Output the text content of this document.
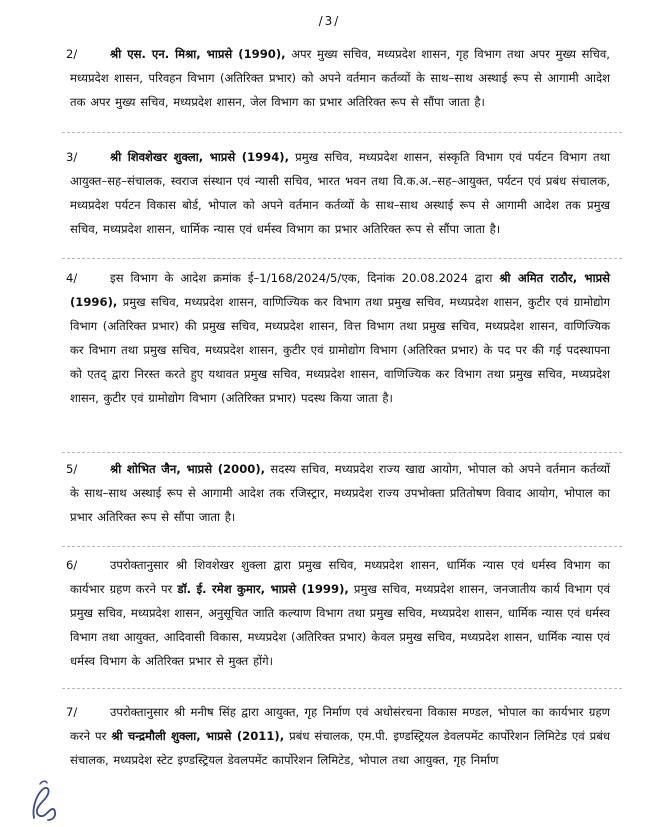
/3/
2/	श्री एस. एन. मिश्रा, भाप्रसे (1990), अपर मुख्य सचिव, मध्यप्रदेश शासन, गृह विभाग तथा अपर मुख्य सचिव, मध्यप्रदेश शासन, परिवहन विभाग (अतिरिक्त प्रभार) को अपने वर्तमान कर्तव्यों के साथ–साथ अस्थाई रूप से आगामी आदेश तक अपर मुख्य सचिव, मध्यप्रदेश शासन, जेल विभाग का प्रभार अतिरिक्त रूप से सौंपा जाता है।
3/	श्री शिवशेखर शुक्ला, भाप्रसे (1994), प्रमुख सचिव, मध्यप्रदेश शासन, संस्कृति विभाग एवं पर्यटन विभाग तथा आयुक्त–सह–संचालक, स्वराज संस्थान एवं न्यासी सचिव, भारत भवन तथा वि.क.अ.–सह–आयुक्त, पर्यटन एवं प्रबंध संचालक, मध्यप्रदेश पर्यटन विकास बोर्ड, भोपाल को अपने वर्तमान कर्तव्यों के साथ–साथ अस्थाई रूप से आगामी आदेश तक प्रमुख सचिव, मध्यप्रदेश शासन, धार्मिक न्यास एवं धर्मस्व विभाग का प्रभार अतिरिक्त रूप से सौंपा जाता है।
4/	इस विभाग के आदेश क्रमांक ई–1/168/2024/5/एक, दिनांक 20.08.2024 द्वारा श्री अमित राठौर, भाप्रसे (1996), प्रमुख सचिव, मध्यप्रदेश शासन, वाणिज्यिक कर विभाग तथा प्रमुख सचिव, मध्यप्रदेश शासन, कुटीर एवं ग्रामोद्योग विभाग (अतिरिक्त प्रभार) की प्रमुख सचिव, मध्यप्रदेश शासन, वित्त विभाग तथा प्रमुख सचिव, मध्यप्रदेश शासन, वाणिज्यिक कर विभाग तथा प्रमुख सचिव, मध्यप्रदेश शासन, कुटीर एवं ग्रामोद्योग विभाग (अतिरिक्त प्रभार) के पद पर की गई पदस्थापना को एतद् द्वारा निरस्त करते हुए यथावत प्रमुख सचिव, मध्यप्रदेश शासन, वाणिज्यिक कर विभाग तथा प्रमुख सचिव, मध्यप्रदेश शासन, कुटीर एवं ग्रामोद्योग विभाग (अतिरिक्त प्रभार) पदस्थ किया जाता है।
5/	श्री शोभित जैन, भाप्रसे (2000), सदस्य सचिव, मध्यप्रदेश राज्य खाद्य आयोग, भोपाल को अपने वर्तमान कर्तव्यों के साथ–साथ अस्थाई रूप से आगामी आदेश तक रजिस्ट्रार, मध्यप्रदेश राज्य उपभोक्ता प्रतितोषण विवाद आयोग, भोपाल का प्रभार अतिरिक्त रूप से सौंपा जाता है।
6/	उपरोक्तानुसार श्री शिवशेखर शुक्ला द्वारा प्रमुख सचिव, मध्यप्रदेश शासन, धार्मिक न्यास एवं धर्मस्व विभाग का कार्यभार ग्रहण करने पर डॉ. ई. रमेश कुमार, भाप्रसे (1999), प्रमुख सचिव, मध्यप्रदेश शासन, जनजातीय कार्य विभाग एवं प्रमुख सचिव, मध्यप्रदेश शासन, अनुसूचित जाति कल्याण विभाग तथा प्रमुख सचिव, मध्यप्रदेश शासन, धार्मिक न्यास एवं धर्मस्व विभाग तथा आयुक्त, आदिवासी विकास, मध्यप्रदेश (अतिरिक्त प्रभार) केवल प्रमुख सचिव, मध्यप्रदेश शासन, धार्मिक न्यास एवं धर्मस्व विभाग के अतिरिक्त प्रभार से मुक्त होंगे।
7/	उपरोक्तानुसार श्री मनीष सिंह द्वारा आयुक्त, गृह निर्माण एवं अधोसंरचना विकास मण्डल, भोपाल का कार्यभार ग्रहण करने पर श्री चन्द्रमौली शुक्ला, भाप्रसे (2011), प्रबंध संचालक, एम.पी. इण्डस्ट्रियल डेवलपमेंट कार्पोरेशन लिमिटेड एवं प्रबंध संचालक, मध्यप्रदेश स्टेट इण्डस्ट्रियल डेवलपमेंट कार्पोरेशन लिमिटेड, भोपाल तथा आयुक्त, गृह निर्माण
